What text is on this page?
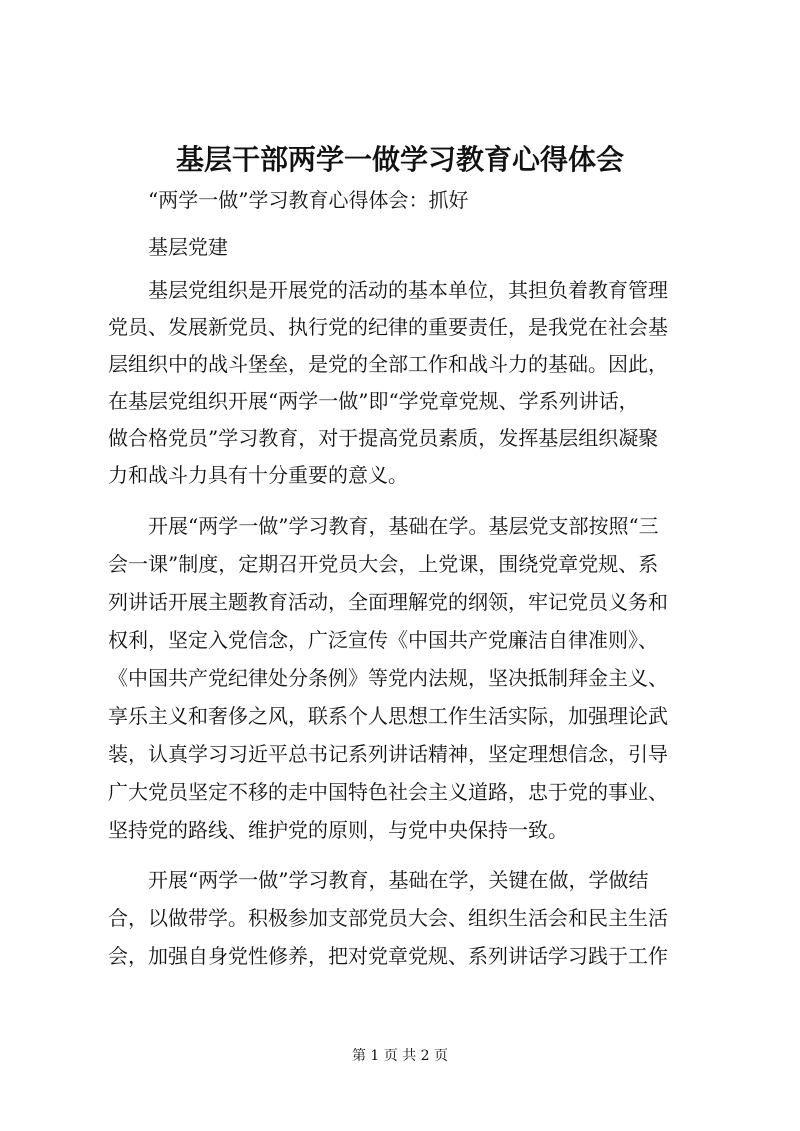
基层干部两学一做学习教育心得体会
“两学一做”学习教育心得体会：抓好
基层党建
基层党组织是开展党的活动的基本单位，其担负着教育管理
党员、发展新党员、执行党的纪律的重要责任，是我党在社会基
层组织中的战斗堡垒，是党的全部工作和战斗力的基础。因此，
在基层党组织开展“两学一做”即“学党章党规、学系列讲话，
做合格党员”学习教育，对于提高党员素质，发挥基层组织凝聚
力和战斗力具有十分重要的意义。
开展“两学一做”学习教育，基础在学。基层党支部按照“三
会一课”制度，定期召开党员大会，上党课，围绕党章党规、系
列讲话开展主题教育活动，全面理解党的纲领，牢记党员义务和
权利，坚定入党信念，广泛宣传《中国共产党廉洁自律准则》、
《中国共产党纪律处分条例》等党内法规，坚决抵制拜金主义、
享乐主义和奢侈之风，联系个人思想工作生活实际，加强理论武
装，认真学习习近平总书记系列讲话精神，坚定理想信念，引导
广大党员坚定不移的走中国特色社会主义道路，忠于党的事业、
坚持党的路线、维护党的原则，与党中央保持一致。
开展“两学一做”学习教育，基础在学，关键在做，学做结
合，以做带学。积极参加支部党员大会、组织生活会和民主生活
会，加强自身党性修养，把对党章党规、系列讲话学习践于工作
第 1 页 共 2 页
